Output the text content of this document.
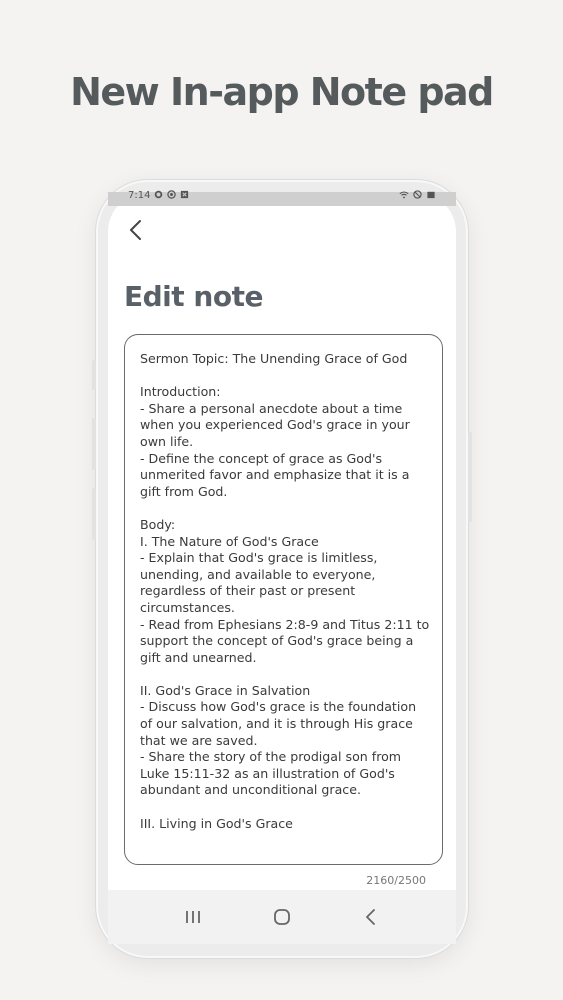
New In-app Note pad
7:14
Edit note
Sermon Topic: The Unending Grace of God

Introduction:
- Share a personal anecdote about a time when you experienced God's grace in your own life.
- Define the concept of grace as God's unmerited favor and emphasize that it is a gift from God.

Body:
I. The Nature of God's Grace
- Explain that God's grace is limitless, unending, and available to everyone, regardless of their past or present circumstances.
- Read from Ephesians 2:8-9 and Titus 2:11 to support the concept of God's grace being a gift and unearned.

II. God's Grace in Salvation
- Discuss how God's grace is the foundation of our salvation, and it is through His grace that we are saved.
- Share the story of the prodigal son from Luke 15:11-32 as an illustration of God's abundant and unconditional grace.

III. Living in God's Grace
2160/2500
